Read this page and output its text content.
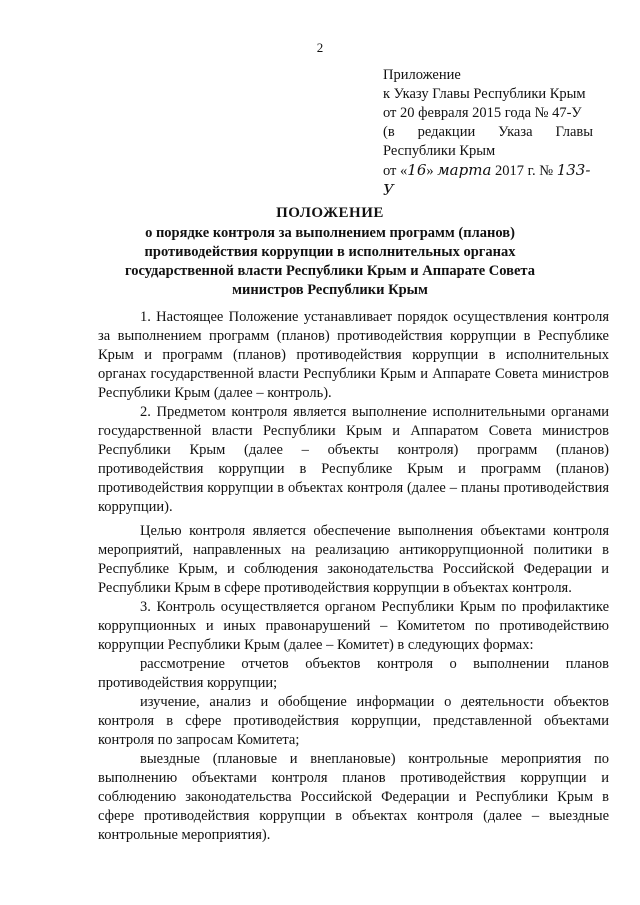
2
Приложение
к Указу Главы Республики Крым
от 20 февраля 2015 года № 47-У
(в редакции Указа Главы
Республики Крым
от «16» марта 2017 г. № 133-У
ПОЛОЖЕНИЕ
о порядке контроля за выполнением программ (планов)
противодействия коррупции в исполнительных органах
государственной власти Республики Крым и Аппарате Совета
министров Республики Крым

1. Настоящее Положение устанавливает порядок осуществления контроля за выполнением программ (планов) противодействия коррупции в Республике Крым и программ (планов) противодействия коррупции в исполнительных органах государственной власти Республики Крым и Аппарате Совета министров Республики Крым (далее – контроль).

2. Предметом контроля является выполнение исполнительными органами государственной власти Республики Крым и Аппаратом Совета министров Республики Крым (далее – объекты контроля) программ (планов) противодействия коррупции в Республике Крым и программ (планов) противодействия коррупции в объектах контроля (далее – планы противодействия коррупции).

Целью контроля является обеспечение выполнения объектами контроля мероприятий, направленных на реализацию антикоррупционной политики в Республике Крым, и соблюдения законодательства Российской Федерации и Республики Крым в сфере противодействия коррупции в объектах контроля.

3. Контроль осуществляется органом Республики Крым по профилактике коррупционных и иных правонарушений – Комитетом по противодействию коррупции Республики Крым (далее – Комитет) в следующих формах:

рассмотрение отчетов объектов контроля о выполнении планов противодействия коррупции;

изучение, анализ и обобщение информации о деятельности объектов контроля в сфере противодействия коррупции, представленной объектами контроля по запросам Комитета;

выездные (плановые и внеплановые) контрольные мероприятия по выполнению объектами контроля планов противодействия коррупции и соблюдению законодательства Российской Федерации и Республики Крым в сфере противодействия коррупции в объектах контроля (далее – выездные контрольные мероприятия).
